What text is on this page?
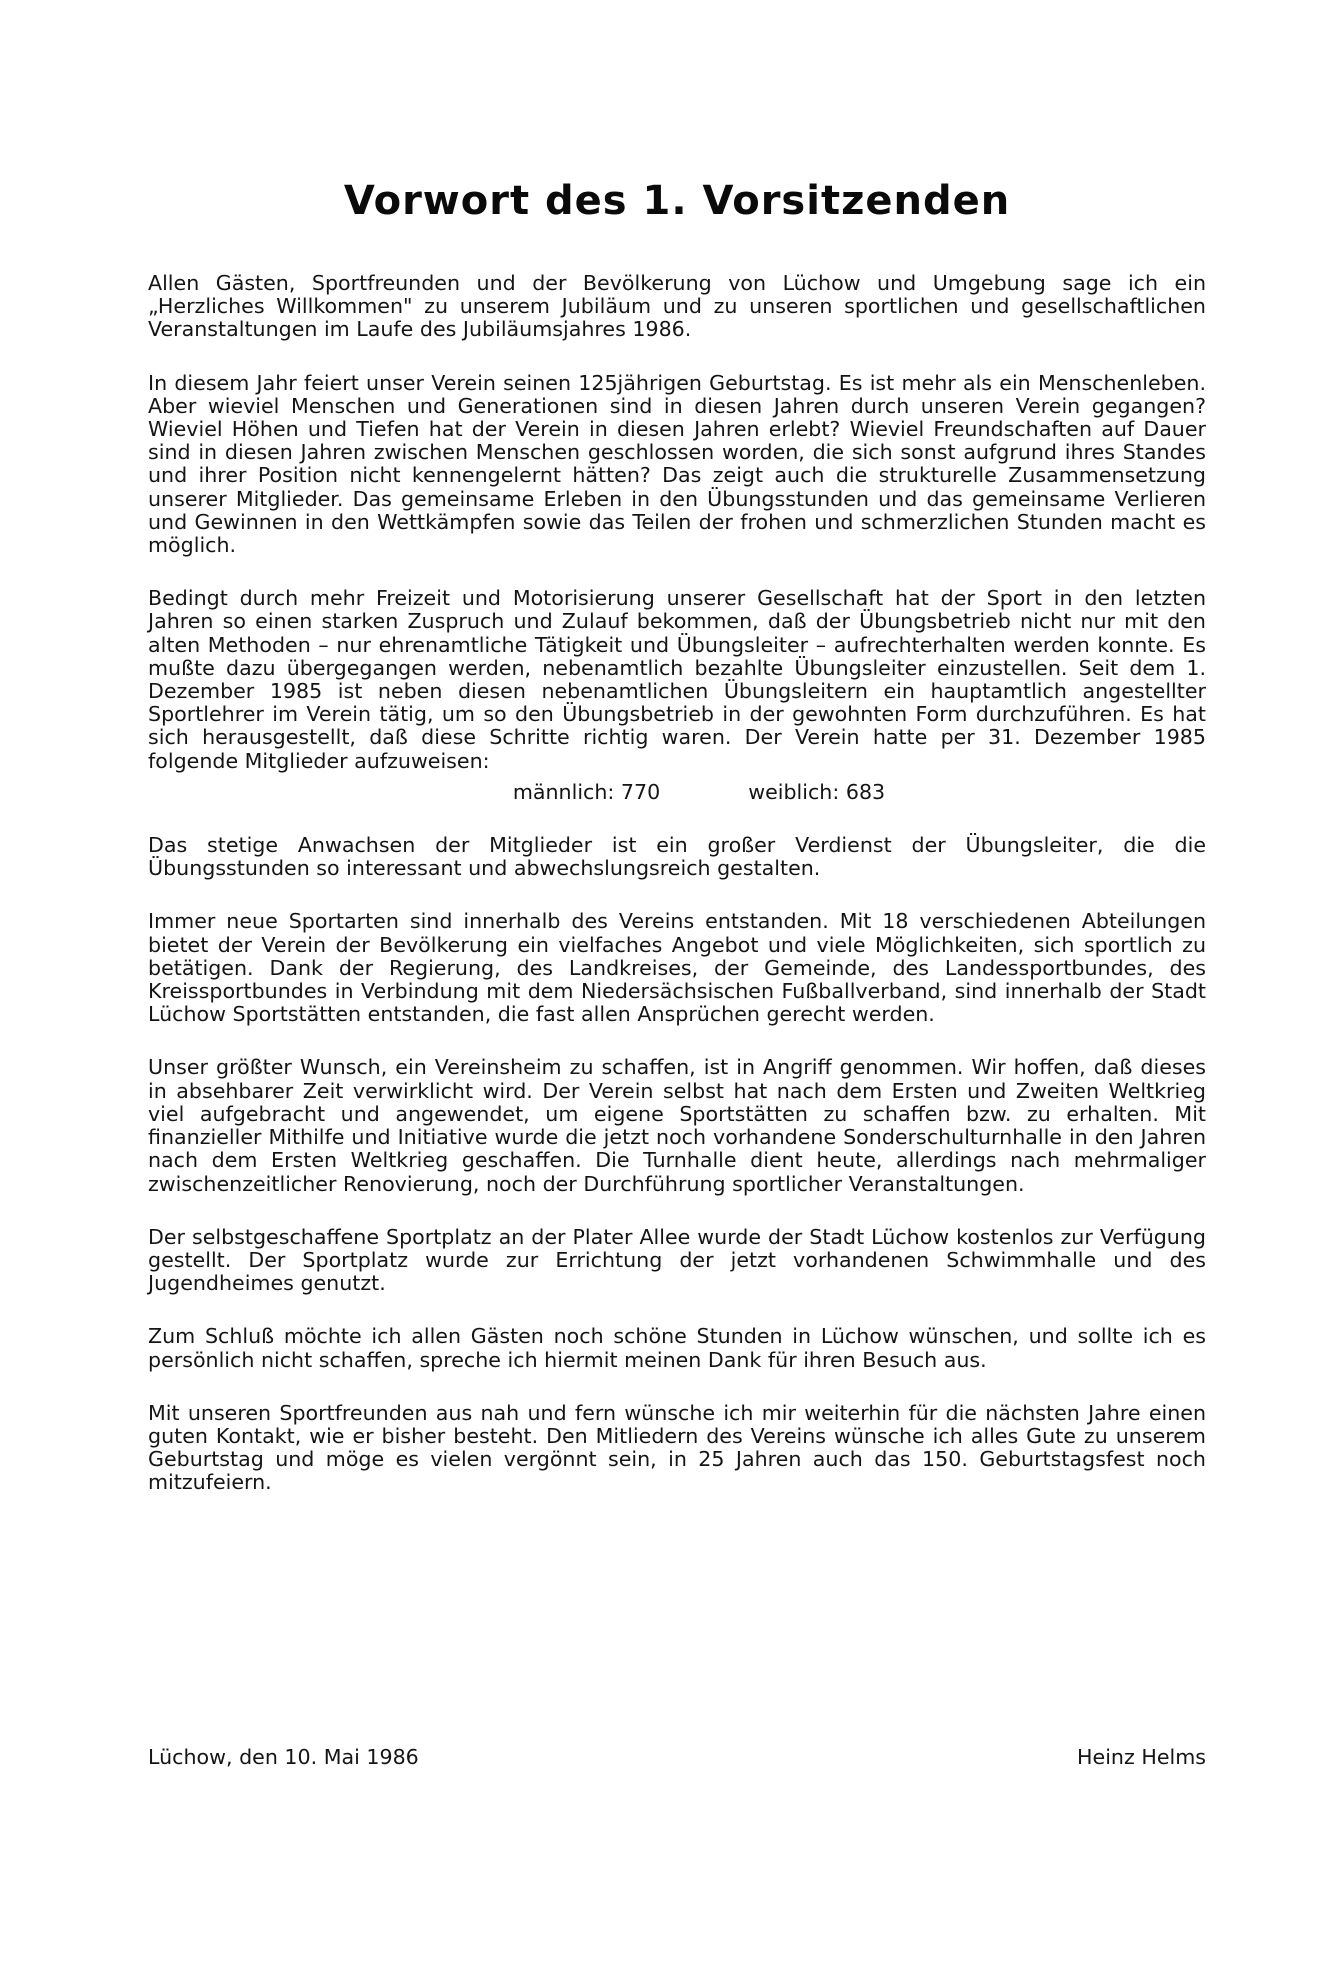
Vorwort des 1. Vorsitzenden

Allen Gästen, Sportfreunden und der Bevölkerung von Lüchow und Umgebung sage ich ein „Herzliches Willkommen" zu unserem Jubiläum und zu unseren sportlichen und gesellschaftlichen Veranstaltungen im Laufe des Jubiläumsjahres 1986.

In diesem Jahr feiert unser Verein seinen 125jährigen Geburtstag. Es ist mehr als ein Menschenleben. Aber wieviel Menschen und Generationen sind in diesen Jahren durch unseren Verein gegangen? Wieviel Höhen und Tiefen hat der Verein in diesen Jahren erlebt? Wieviel Freundschaften auf Dauer sind in diesen Jahren zwischen Menschen geschlossen worden, die sich sonst aufgrund ihres Standes und ihrer Position nicht kennengelernt hätten? Das zeigt auch die strukturelle Zusammensetzung unserer Mitglieder. Das gemeinsame Erleben in den Übungsstunden und das gemeinsame Verlieren und Gewinnen in den Wettkämpfen sowie das Teilen der frohen und schmerzlichen Stunden macht es möglich.

Bedingt durch mehr Freizeit und Motorisierung unserer Gesellschaft hat der Sport in den letzten Jahren so einen starken Zuspruch und Zulauf bekommen, daß der Übungsbetrieb nicht nur mit den alten Methoden – nur ehrenamtliche Tätigkeit und Übungsleiter – aufrechterhalten werden konnte. Es mußte dazu übergegangen werden, nebenamtlich bezahlte Übungsleiter einzustellen. Seit dem 1. Dezember 1985 ist neben diesen nebenamtlichen Übungsleitern ein hauptamtlich angestellter Sportlehrer im Verein tätig, um so den Übungsbetrieb in der gewohnten Form durchzuführen. Es hat sich herausgestellt, daß diese Schritte richtig waren. Der Verein hatte per 31. Dezember 1985 folgende Mitglieder aufzuweisen:

männlich: 770	weiblich: 683

Das stetige Anwachsen der Mitglieder ist ein großer Verdienst der Übungsleiter, die die Übungsstunden so interessant und abwechslungsreich gestalten.

Immer neue Sportarten sind innerhalb des Vereins entstanden. Mit 18 verschiedenen Abteilungen bietet der Verein der Bevölkerung ein vielfaches Angebot und viele Möglichkeiten, sich sportlich zu betätigen. Dank der Regierung, des Landkreises, der Gemeinde, des Landessportbundes, des Kreissportbundes in Verbindung mit dem Niedersächsischen Fußballverband, sind innerhalb der Stadt Lüchow Sportstätten entstanden, die fast allen Ansprüchen gerecht werden.

Unser größter Wunsch, ein Vereinsheim zu schaffen, ist in Angriff genommen. Wir hoffen, daß dieses in absehbarer Zeit verwirklicht wird. Der Verein selbst hat nach dem Ersten und Zweiten Weltkrieg viel aufgebracht und angewendet, um eigene Sportstätten zu schaffen bzw. zu erhalten. Mit finanzieller Mithilfe und Initiative wurde die jetzt noch vorhandene Sonderschulturnhalle in den Jahren nach dem Ersten Weltkrieg geschaffen. Die Turnhalle dient heute, allerdings nach mehrmaliger zwischenzeitlicher Renovierung, noch der Durchführung sportlicher Veranstaltungen.

Der selbstgeschaffene Sportplatz an der Plater Allee wurde der Stadt Lüchow kostenlos zur Verfügung gestellt. Der Sportplatz wurde zur Errichtung der jetzt vorhandenen Schwimmhalle und des Jugendheimes genutzt.

Zum Schluß möchte ich allen Gästen noch schöne Stunden in Lüchow wünschen, und sollte ich es persönlich nicht schaffen, spreche ich hiermit meinen Dank für ihren Besuch aus.

Mit unseren Sportfreunden aus nah und fern wünsche ich mir weiterhin für die nächsten Jahre einen guten Kontakt, wie er bisher besteht. Den Mitliedern des Vereins wünsche ich alles Gute zu unserem Geburtstag und möge es vielen vergönnt sein, in 25 Jahren auch das 150. Geburtstagsfest noch mitzufeiern.

Lüchow, den 10. Mai 1986	Heinz Helms
